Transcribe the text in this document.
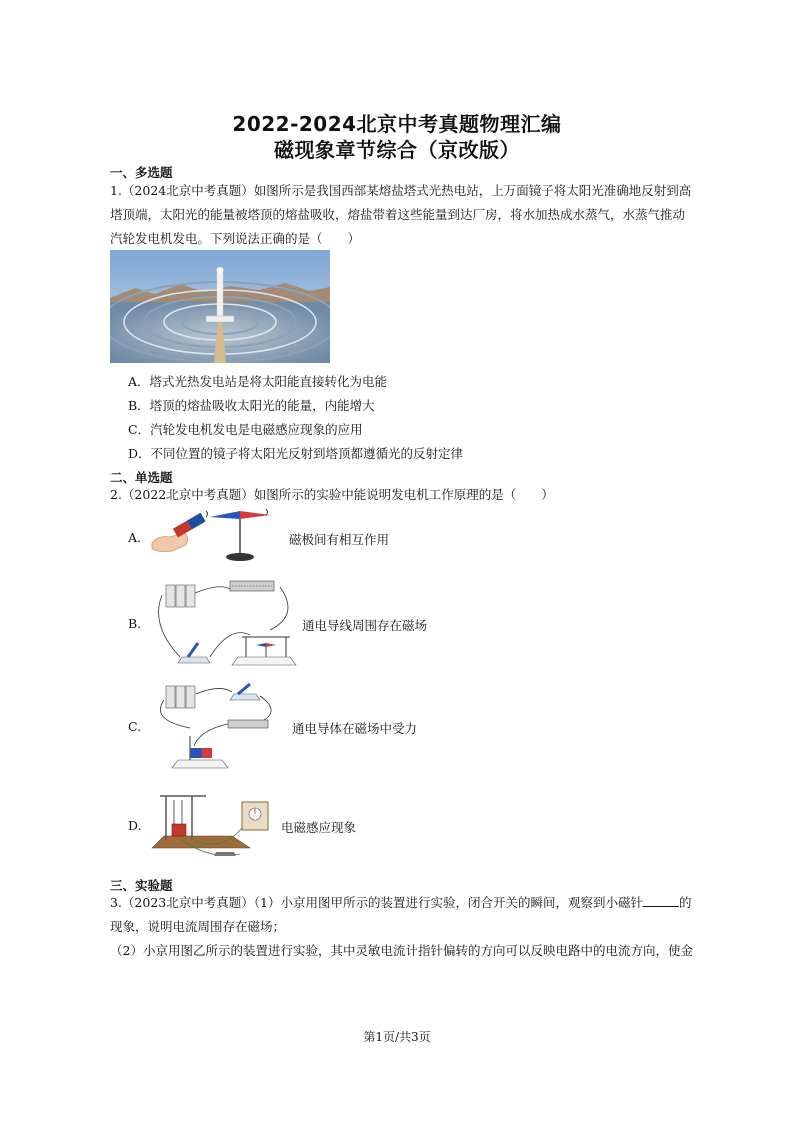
2022-2024北京中考真题物理汇编
磁现象章节综合（京改版）
一、多选题
1.（2024北京中考真题）如图所示是我国西部某熔盐塔式光热电站，上万面镜子将太阳光准确地反射到高
塔顶端，太阳光的能量被塔顶的熔盐吸收，熔盐带着这些能量到达厂房，将水加热成水蒸气，水蒸气推动
汽轮发电机发电。下列说法正确的是（　　）
A．塔式光热发电站是将太阳能直接转化为电能
B．塔顶的熔盐吸收太阳光的能量，内能增大
C．汽轮发电机发电是电磁感应现象的应用
D．不同位置的镜子将太阳光反射到塔顶都遵循光的反射定律
二、单选题
2.（2022北京中考真题）如图所示的实验中能说明发电机工作原理的是（　　）
A.	磁极间有相互作用
B.	通电导线周围存在磁场
C.	通电导体在磁场中受力
D.	电磁感应现象
三、实验题
3.（2023北京中考真题）（1）小京用图甲所示的装置进行实验，闭合开关的瞬间，观察到小磁针	的
现象，说明电流周围存在磁场；
（2）小京用图乙所示的装置进行实验，其中灵敏电流计指针偏转的方向可以反映电路中的电流方向，使金
第1页/共3页
